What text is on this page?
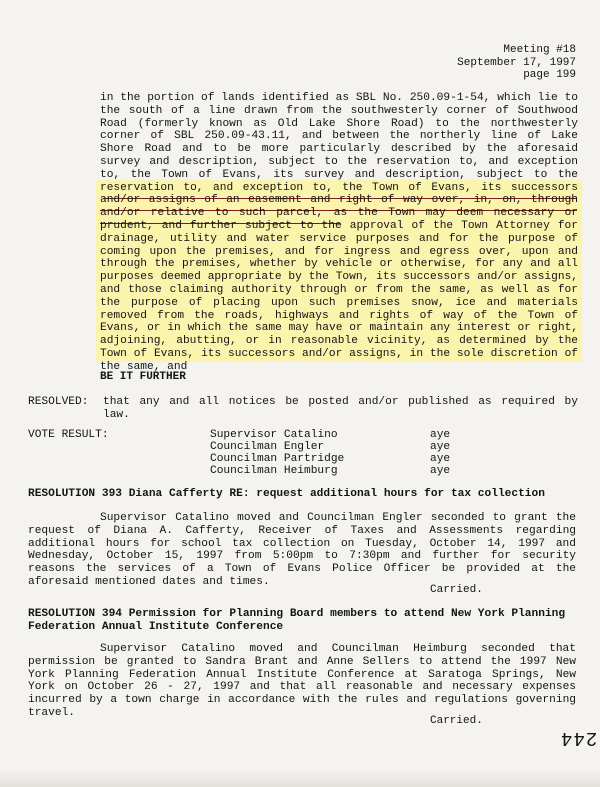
Meeting #18
September 17, 1997
page 199

in the portion of lands identified as SBL No. 250.09-1-54, which lie to the south of a line drawn from the southwesterly corner of Southwood Road (formerly known as Old Lake Shore Road) to the northwesterly corner of SBL 250.09-43.11, and between the northerly line of Lake Shore Road and to be more particularly described by the aforesaid survey and description, subject to the reservation to, and exception to, the Town of Evans, its survey and description, subject to the reservation to, and exception to, the Town of Evans, its successors and/or assigns of an easement and right of way over, in, on, through and/or relative to such parcel, as the Town may deem necessary or prudent, and further subject to the approval of the Town Attorney for drainage, utility and water service purposes and for the purpose of coming upon the premises, and for ingress and egress over, upon and through the premises, whether by vehicle or otherwise, for any and all purposes deemed appropriate by the Town, its successors and/or assigns, and those claiming authority through or from the same, as well as for the purpose of placing upon such premises snow, ice and materials removed from the roads, highways and rights of way of the Town of Evans, or in which the same may have or maintain any interest or right, adjoining, abutting, or in reasonable vicinity, as determined by the Town of Evans, its successors and/or assigns, in the sole discretion of the same, and

BE IT FURTHER
RESOLVED: that any and all notices be posted and/or published as required by law.
VOTE RESULT:	Supervisor Catalino	aye
Councilman Engler	aye
Councilman Partridge	aye
Councilman Heimburg	aye
RESOLUTION 393 Diana Cafferty RE: request additional hours for tax collection

Supervisor Catalino moved and Councilman Engler seconded to grant the request of Diana A. Cafferty, Receiver of Taxes and Assessments regarding additional hours for school tax collection on Tuesday, October 14, 1997 and Wednesday, October 15, 1997 from 5:00pm to 7:30pm and further for security reasons the services of a Town of Evans Police Officer be provided at the aforesaid mentioned dates and times.

Carried.
RESOLUTION 394 Permission for Planning Board members to attend New York Planning Federation Annual Institute Conference

Supervisor Catalino moved and Councilman Heimburg seconded that permission be granted to Sandra Brant and Anne Sellers to attend the 1997 New York Planning Federation Annual Institute Conference at Saratoga Springs, New York on October 26 - 27, 1997 and that all reasonable and necessary expenses incurred by a town charge in accordance with the rules and regulations governing travel.

Carried.
244
